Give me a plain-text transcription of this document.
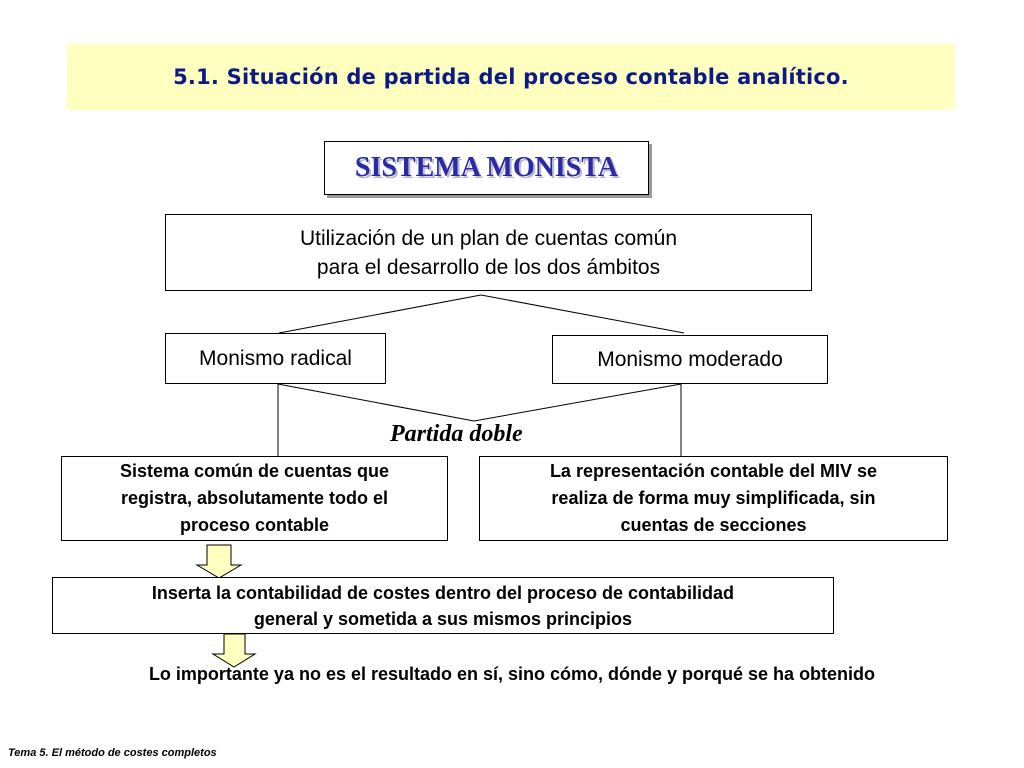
5.1. Situación de partida del proceso contable analítico.
SISTEMA MONISTA
Utilización de un plan de cuentas común
para el desarrollo de los dos ámbitos
Monismo radical	Monismo moderado
Partida doble
Sistema común de cuentas que
registra, absolutamente todo el
proceso contable
La representación contable del MIV se
realiza de forma muy simplificada, sin
cuentas de secciones
Inserta la contabilidad de costes dentro del proceso de contabilidad
general y sometida a sus mismos principios
Lo importante ya no es el resultado en sí, sino cómo, dónde y porqué se ha obtenido
Tema 5. El método de costes completos
